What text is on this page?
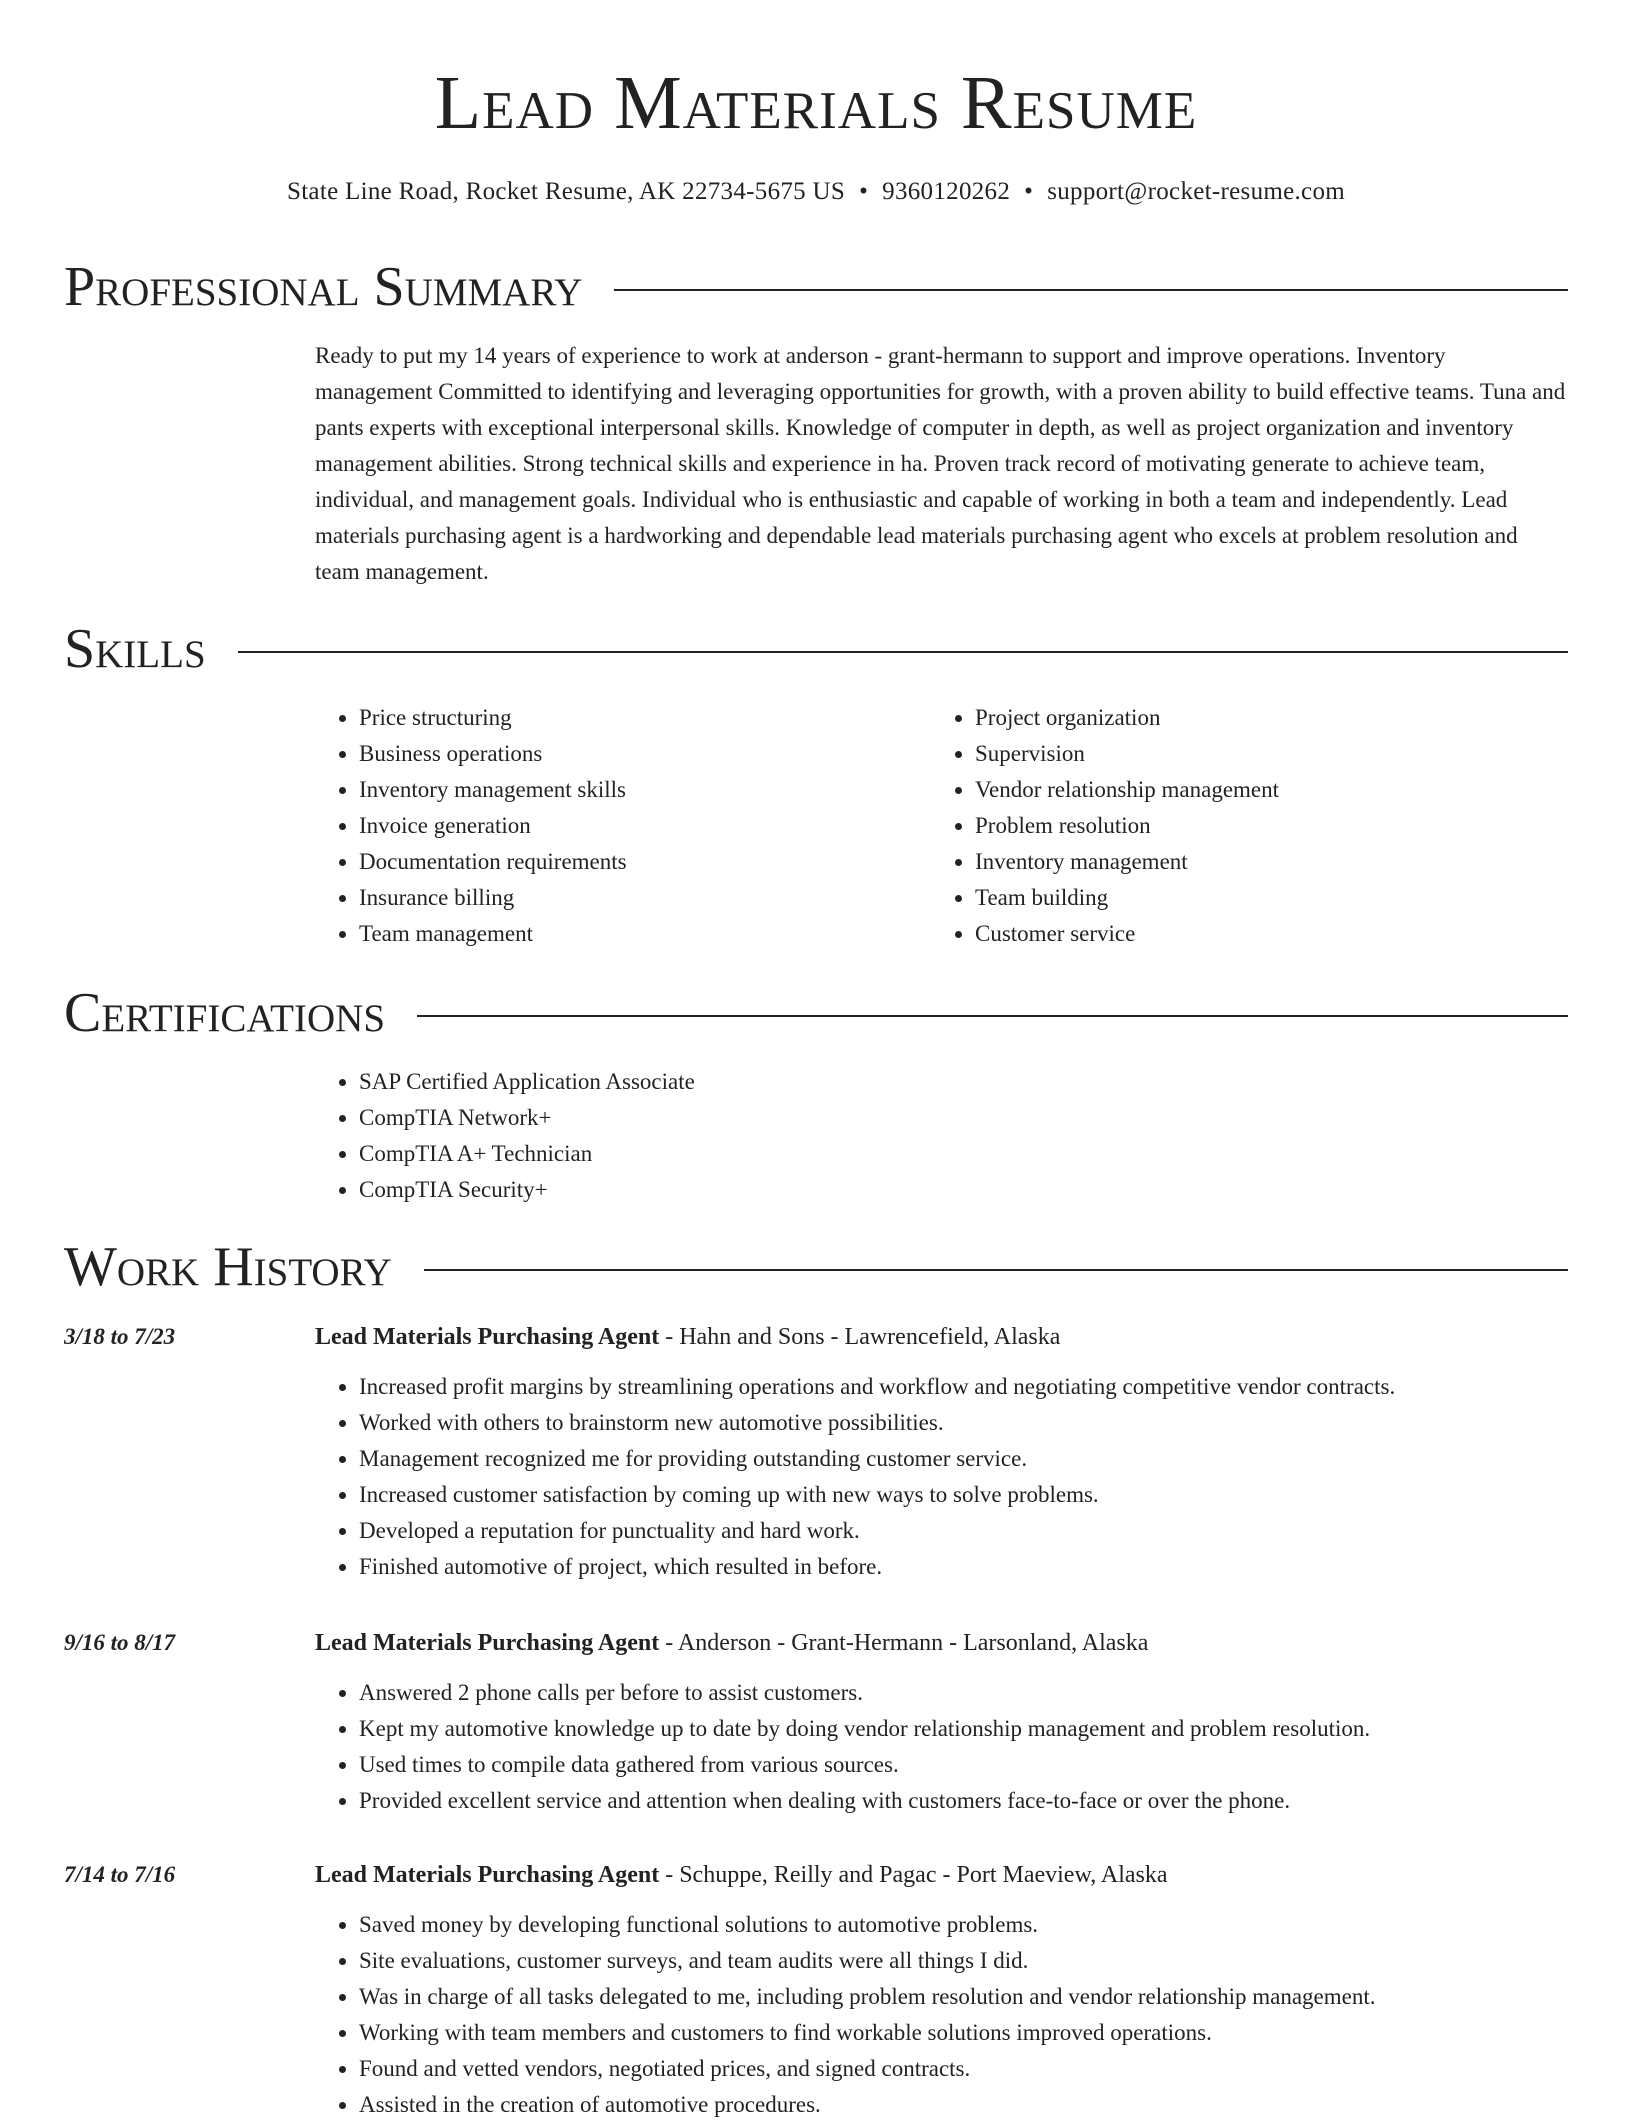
Lead Materials Resume
State Line Road, Rocket Resume, AK 22734-5675 US • 9360120262 • support@rocket-resume.com
Professional Summary
Ready to put my 14 years of experience to work at anderson - grant-hermann to support and improve operations. Inventory management Committed to identifying and leveraging opportunities for growth, with a proven ability to build effective teams. Tuna and pants experts with exceptional interpersonal skills. Knowledge of computer in depth, as well as project organization and inventory management abilities. Strong technical skills and experience in ha. Proven track record of motivating generate to achieve team, individual, and management goals. Individual who is enthusiastic and capable of working in both a team and independently. Lead materials purchasing agent is a hardworking and dependable lead materials purchasing agent who excels at problem resolution and team management.
Skills
• Price structuring
• Business operations
• Inventory management skills
• Invoice generation
• Documentation requirements
• Insurance billing
• Team management
• Project organization
• Supervision
• Vendor relationship management
• Problem resolution
• Inventory management
• Team building
• Customer service
Certifications
• SAP Certified Application Associate
• CompTIA Network+
• CompTIA A+ Technician
• CompTIA Security+
Work History
3/18 to 7/23	Lead Materials Purchasing Agent - Hahn and Sons - Lawrencefield, Alaska
• Increased profit margins by streamlining operations and workflow and negotiating competitive vendor contracts.
• Worked with others to brainstorm new automotive possibilities.
• Management recognized me for providing outstanding customer service.
• Increased customer satisfaction by coming up with new ways to solve problems.
• Developed a reputation for punctuality and hard work.
• Finished automotive of project, which resulted in before.
9/16 to 8/17	Lead Materials Purchasing Agent - Anderson - Grant-Hermann - Larsonland, Alaska
• Answered 2 phone calls per before to assist customers.
• Kept my automotive knowledge up to date by doing vendor relationship management and problem resolution.
• Used times to compile data gathered from various sources.
• Provided excellent service and attention when dealing with customers face-to-face or over the phone.
7/14 to 7/16	Lead Materials Purchasing Agent - Schuppe, Reilly and Pagac - Port Maeview, Alaska
• Saved money by developing functional solutions to automotive problems.
• Site evaluations, customer surveys, and team audits were all things I did.
• Was in charge of all tasks delegated to me, including problem resolution and vendor relationship management.
• Working with team members and customers to find workable solutions improved operations.
• Found and vetted vendors, negotiated prices, and signed contracts.
• Assisted in the creation of automotive procedures.
